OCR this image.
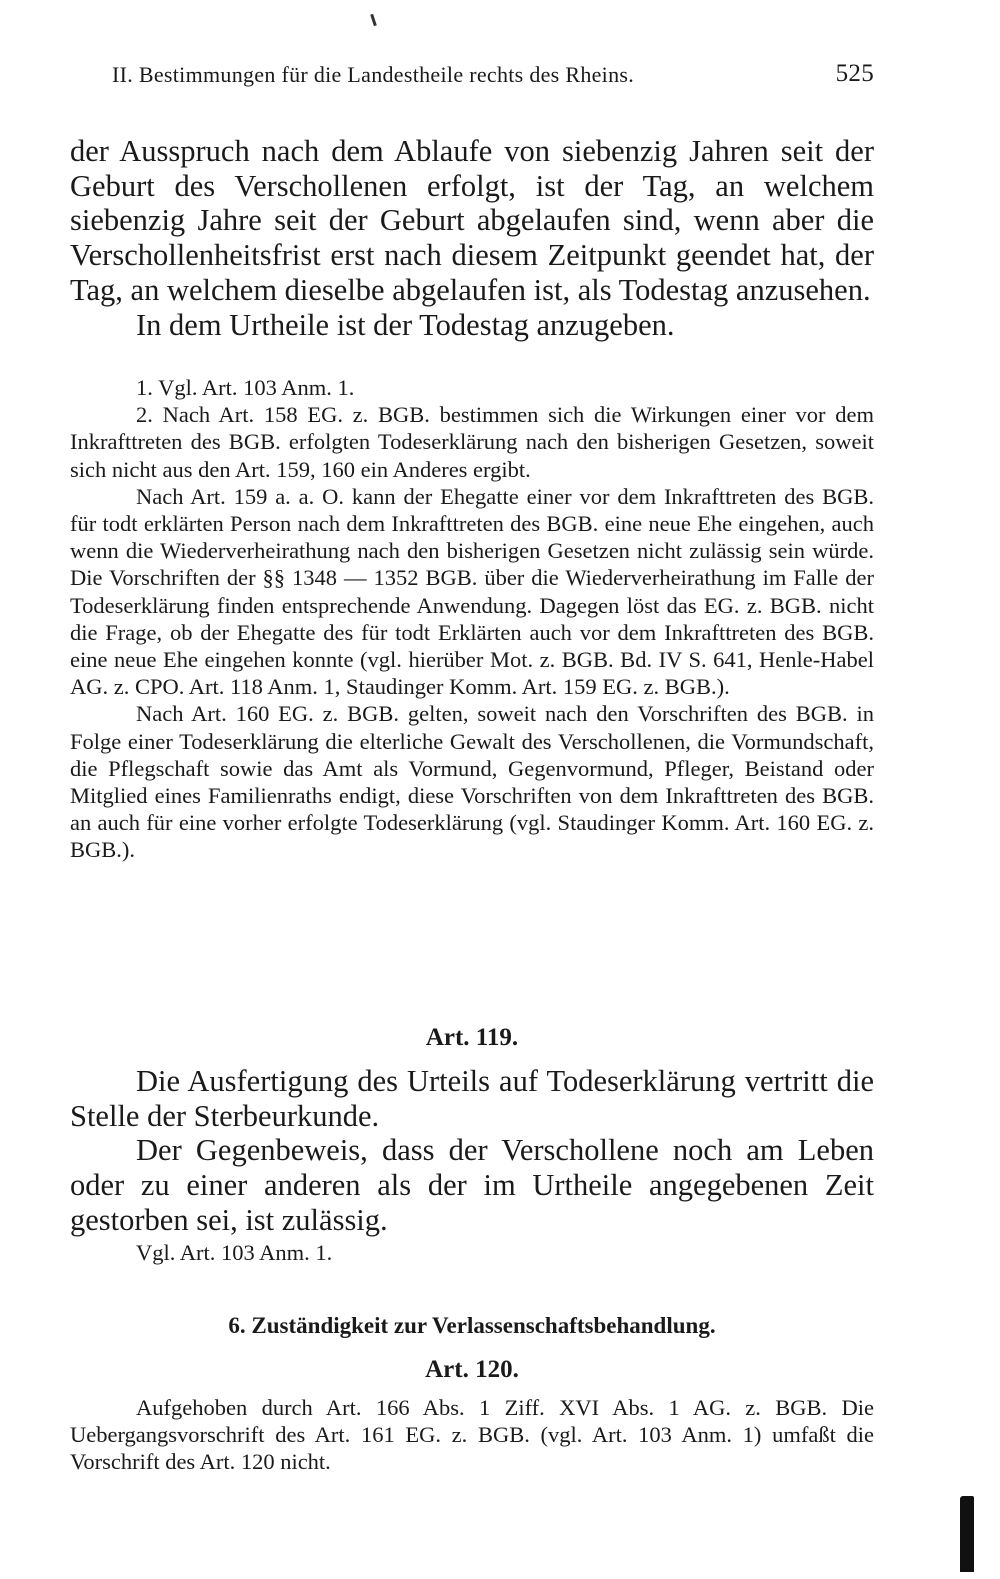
II. Bestimmungen für die Landestheile rechts des Rheins.	525

der Ausspruch nach dem Ablaufe von siebenzig Jahren seit der Geburt des Verschollenen erfolgt, ist der Tag, an welchem siebenzig Jahre seit der Geburt abgelaufen sind, wenn aber die Verschollenheitsfrist erst nach diesem Zeitpunkt geendet hat, der Tag, an welchem dieselbe abgelaufen ist, als Todestag anzusehen.

In dem Urtheile ist der Todestag anzugeben.

1. Vgl. Art. 103 Anm. 1.

2. Nach Art. 158 EG. z. BGB. bestimmen sich die Wirkungen einer vor dem Inkrafttreten des BGB. erfolgten Todeserklärung nach den bisherigen Gesetzen, soweit sich nicht aus den Art. 159, 160 ein Anderes ergibt.

Nach Art. 159 a. a. O. kann der Ehegatte einer vor dem Inkrafttreten des BGB. für todt erklärten Person nach dem Inkrafttreten des BGB. eine neue Ehe eingehen, auch wenn die Wiederverheirathung nach den bisherigen Gesetzen nicht zulässig sein würde. Die Vorschriften der §§ 1348 — 1352 BGB. über die Wiederverheirathung im Falle der Todeserklärung finden entsprechende Anwendung. Dagegen löst das EG. z. BGB. nicht die Frage, ob der Ehegatte des für todt Erklärten auch vor dem Inkrafttreten des BGB. eine neue Ehe eingehen konnte (vgl. hierüber Mot. z. BGB. Bd. IV S. 641, Henle-Habel AG. z. CPO. Art. 118 Anm. 1, Staudinger Komm. Art. 159 EG. z. BGB.).

Nach Art. 160 EG. z. BGB. gelten, soweit nach den Vorschriften des BGB. in Folge einer Todeserklärung die elterliche Gewalt des Verschollenen, die Vormundschaft, die Pflegschaft sowie das Amt als Vormund, Gegenvormund, Pfleger, Beistand oder Mitglied eines Familienraths endigt, diese Vorschriften von dem Inkrafttreten des BGB. an auch für eine vorher erfolgte Todeserklärung (vgl. Staudinger Komm. Art. 160 EG. z. BGB.).

Art. 119.

Die Ausfertigung des Urteils auf Todeserklärung vertritt die Stelle der Sterbeurkunde.

Der Gegenbeweis, dass der Verschollene noch am Leben oder zu einer anderen als der im Urtheile angegebenen Zeit gestorben sei, ist zulässig.

Vgl. Art. 103 Anm. 1.

6. Zuständigkeit zur Verlassenschaftsbehandlung.
Art. 120.

Aufgehoben durch Art. 166 Abs. 1 Ziff. XVI Abs. 1 AG. z. BGB. Die Uebergangsvorschrift des Art. 161 EG. z. BGB. (vgl. Art. 103 Anm. 1) umfaßt die Vorschrift des Art. 120 nicht.
